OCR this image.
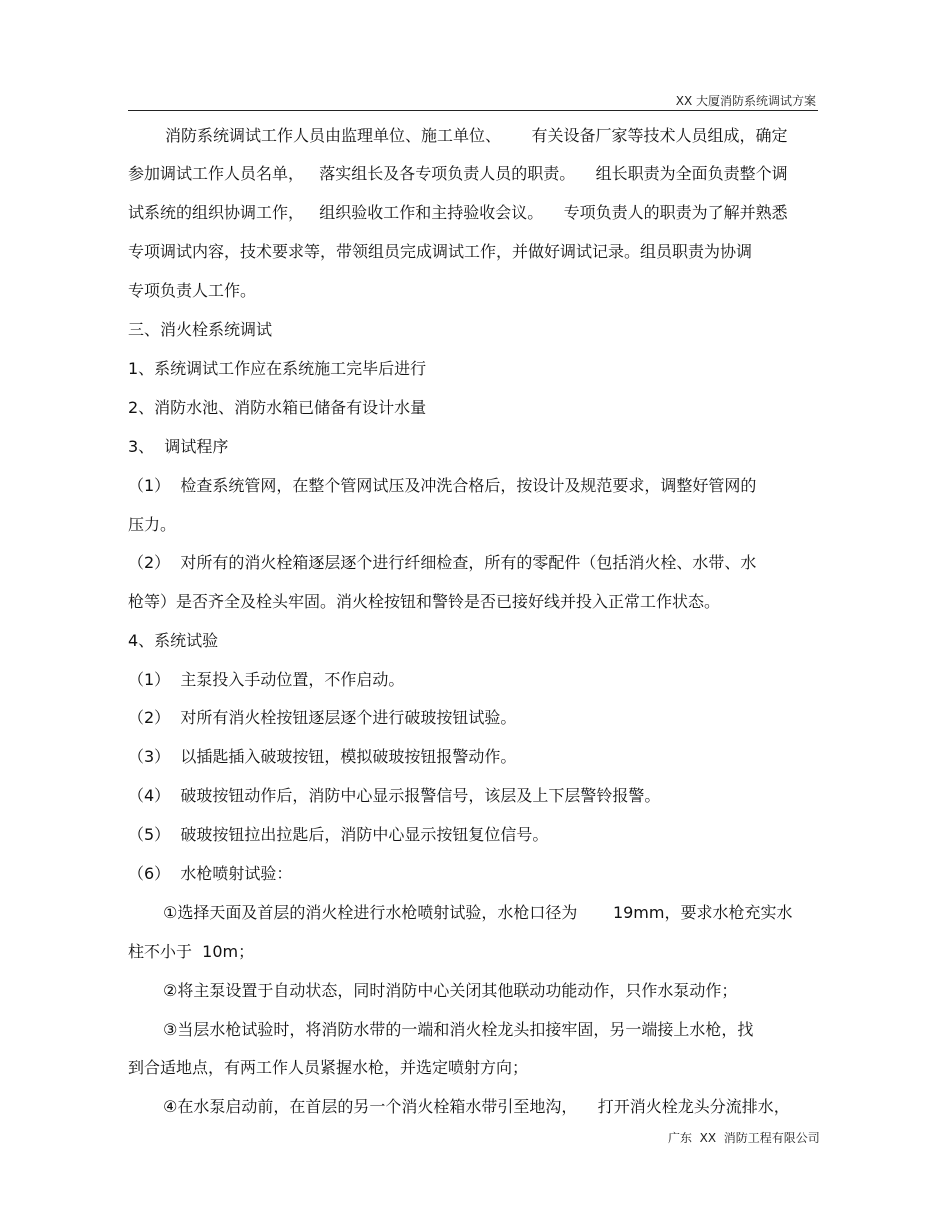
XX 大厦消防系统调试方案
消防系统调试工作人员由监理单位、施工单位、      有关设备厂家等技术人员组成，确定
参加调试工作人员名单，   落实组长及各专项负责人员的职责。    组长职责为全面负责整个调
试系统的组织协调工作，   组织验收工作和主持验收会议。    专项负责人的职责为了解并熟悉
专项调试内容，技术要求等，带领组员完成调试工作，并做好调试记录。组员职责为协调
专项负责人工作。
三、消火栓系统调试
1、系统调试工作应在系统施工完毕后进行
2、消防水池、消防水箱已储备有设计水量
3、  调试程序
（1）  检查系统管网，在整个管网试压及冲洗合格后，按设计及规范要求，调整好管网的
压力。
（2）  对所有的消火栓箱逐层逐个进行纤细检查，所有的零配件（包括消火栓、水带、水
枪等）是否齐全及栓头牢固。消火栓按钮和警铃是否已接好线并投入正常工作状态。
4、系统试验
（1）  主泵投入手动位置，不作启动。
（2）  对所有消火栓按钮逐层逐个进行破玻按钮试验。
（3）  以插匙插入破玻按钮，模拟破玻按钮报警动作。
（4）  破玻按钮动作后，消防中心显示报警信号，该层及上下层警铃报警。
（5）  破玻按钮拉出拉匙后，消防中心显示按钮复位信号。
（6）  水枪喷射试验：
①选择天面及首层的消火栓进行水枪喷射试验，水枪口径为       19mm，要求水枪充实水
柱不小于  10m；
②将主泵设置于自动状态，同时消防中心关闭其他联动功能动作，只作水泵动作；
③当层水枪试验时，将消防水带的一端和消火栓龙头扣接牢固，另一端接上水枪，找
到合适地点，有两工作人员紧握水枪，并选定喷射方向；
④在水泵启动前，在首层的另一个消火栓箱水带引至地沟，    打开消火栓龙头分流排水，
广东  XX  消防工程有限公司
